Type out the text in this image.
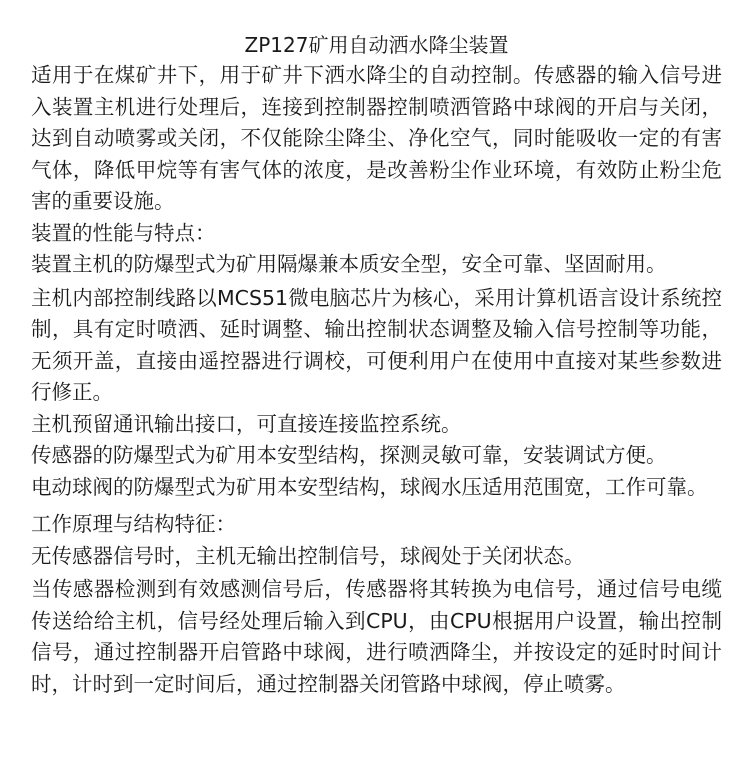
ZP127矿用自动洒水降尘装置

适用于在煤矿井下，用于矿井下洒水降尘的自动控制。传感器的输入信号进入装置主机进行处理后，连接到控制器控制喷洒管路中球阀的开启与关闭，达到自动喷雾或关闭，不仅能除尘降尘、净化空气，同时能吸收一定的有害气体，降低甲烷等有害气体的浓度，是改善粉尘作业环境，有效防止粉尘危害的重要设施。

装置的性能与特点：

装置主机的防爆型式为矿用隔爆兼本质安全型，安全可靠、坚固耐用。

主机内部控制线路以MCS51微电脑芯片为核心，采用计算机语言设计系统控制，具有定时喷洒、延时调整、输出控制状态调整及输入信号控制等功能，无须开盖，直接由遥控器进行调校，可便利用户在使用中直接对某些参数进行修正。

主机预留通讯输出接口，可直接连接监控系统。

传感器的防爆型式为矿用本安型结构，探测灵敏可靠，安装调试方便。

电动球阀的防爆型式为矿用本安型结构，球阀水压适用范围宽，工作可靠。

工作原理与结构特征：

无传感器信号时，主机无输出控制信号，球阀处于关闭状态。

当传感器检测到有效感测信号后，传感器将其转换为电信号，通过信号电缆传送给给主机，信号经处理后输入到CPU，由CPU根据用户设置，输出控制信号，通过控制器开启管路中球阀，进行喷洒降尘，并按设定的延时时间计时，计时到一定时间后，通过控制器关闭管路中球阀，停止喷雾。
